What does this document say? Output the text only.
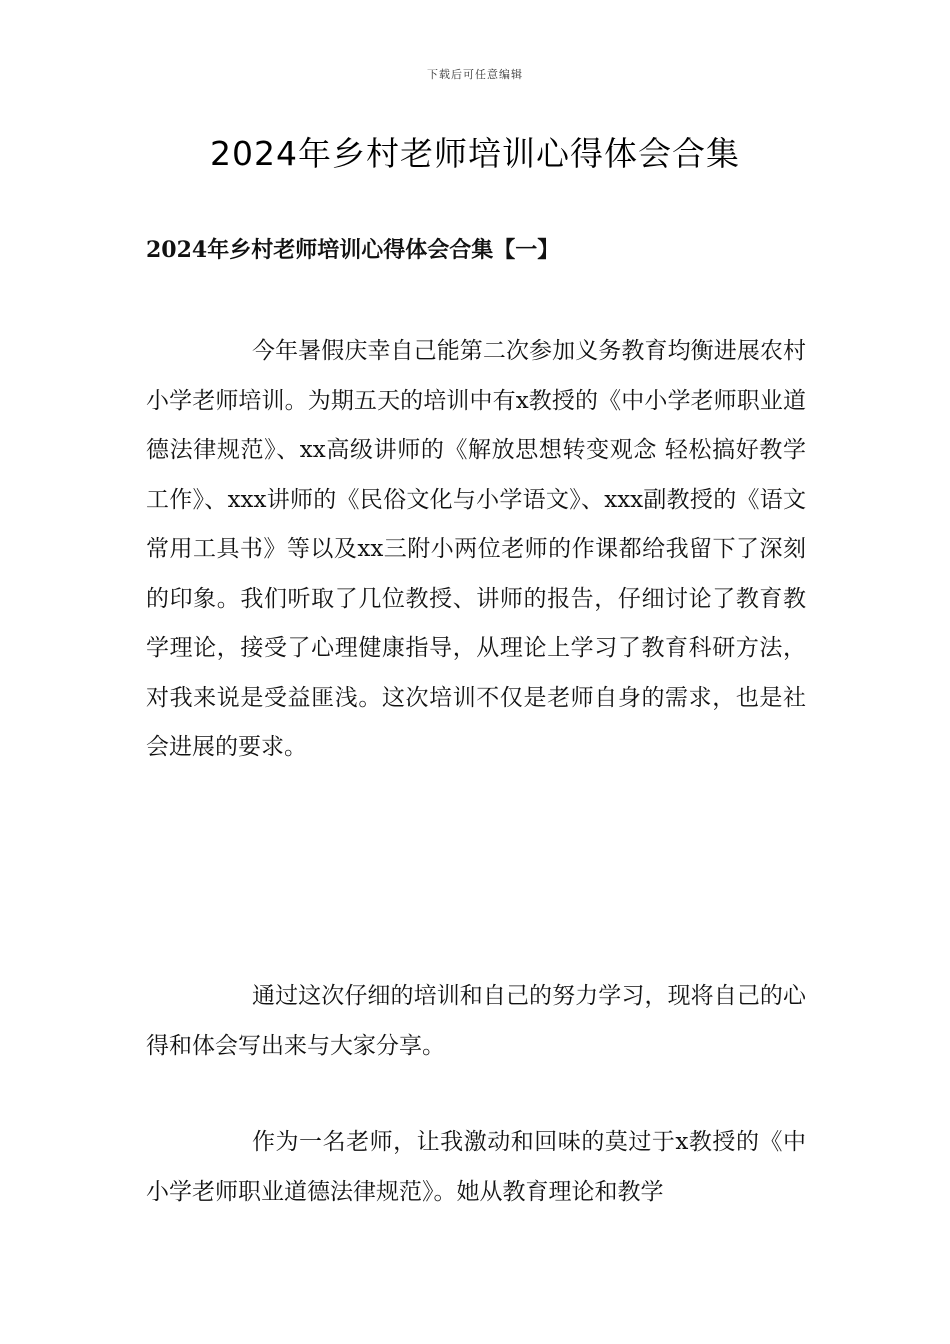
下载后可任意编辑
2024年乡村老师培训心得体会合集
2024年乡村老师培训心得体会合集【一】

今年暑假庆幸自己能第二次参加义务教育均衡进展农村小学老师培训。为期五天的培训中有x教授的《中小学老师职业道德法律规范》、xx高级讲师的《解放思想转变观念 轻松搞好教学工作》、xxx讲师的《民俗文化与小学语文》、xxx副教授的《语文常用工具书》等以及xx三附小两位老师的作课都给我留下了深刻的印象。我们听取了几位教授、讲师的报告，仔细讨论了教育教学理论，接受了心理健康指导，从理论上学习了教育科研方法，对我来说是受益匪浅。这次培训不仅是老师自身的需求，也是社会进展的要求。

通过这次仔细的培训和自己的努力学习，现将自己的心得和体会写出来与大家分享。

作为一名老师，让我激动和回味的莫过于x教授的《中小学老师职业道德法律规范》。她从教育理论和教学
